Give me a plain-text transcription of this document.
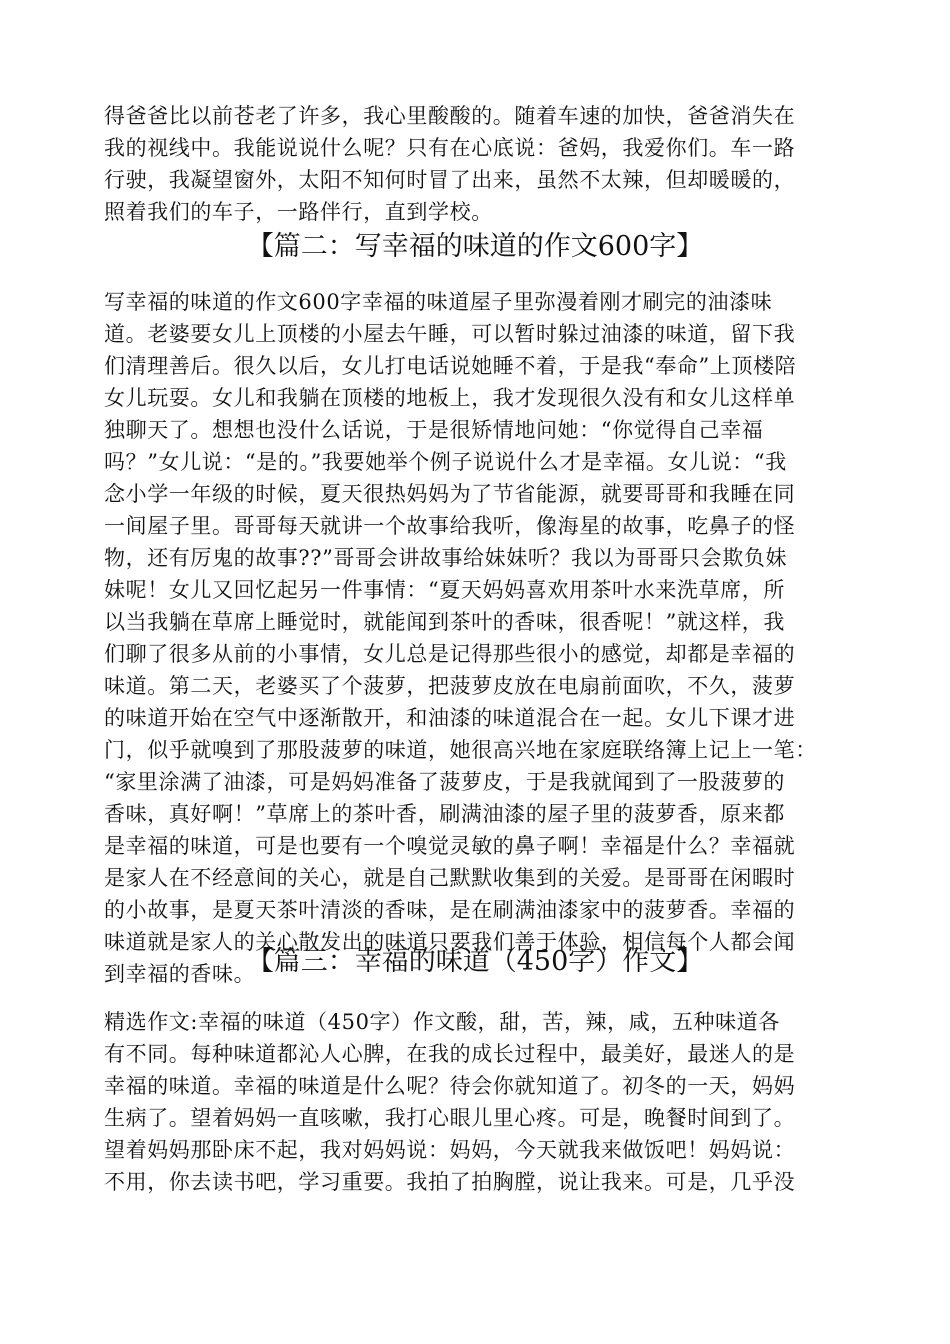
得爸爸比以前苍老了许多，我心里酸酸的。随着车速的加快，爸爸消失在
我的视线中。我能说说什么呢？只有在心底说：爸妈，我爱你们。车一路
行驶，我凝望窗外，太阳不知何时冒了出来，虽然不太辣，但却暖暖的，
照着我们的车子，一路伴行，直到学校。
【篇二：写幸福的味道的作文600字】
写幸福的味道的作文600字幸福的味道屋子里弥漫着刚才刷完的油漆味
道。老婆要女儿上顶楼的小屋去午睡，可以暂时躲过油漆的味道，留下我
们清理善后。很久以后，女儿打电话说她睡不着，于是我“奉命”上顶楼陪
女儿玩耍。女儿和我躺在顶楼的地板上，我才发现很久没有和女儿这样单
独聊天了。想想也没什么话说，于是很矫情地问她：“你觉得自己幸福
吗？”女儿说：“是的。”我要她举个例子说说什么才是幸福。女儿说：“我
念小学一年级的时候，夏天很热妈妈为了节省能源，就要哥哥和我睡在同
一间屋子里。哥哥每天就讲一个故事给我听，像海星的故事，吃鼻子的怪
物，还有厉鬼的故事??”哥哥会讲故事给妹妹听？我以为哥哥只会欺负妹
妹呢！女儿又回忆起另一件事情：“夏天妈妈喜欢用茶叶水来洗草席，所
以当我躺在草席上睡觉时，就能闻到茶叶的香味，很香呢！”就这样，我
们聊了很多从前的小事情，女儿总是记得那些很小的感觉，却都是幸福的
味道。第二天，老婆买了个菠萝，把菠萝皮放在电扇前面吹，不久，菠萝
的味道开始在空气中逐渐散开，和油漆的味道混合在一起。女儿下课才进
门，似乎就嗅到了那股菠萝的味道，她很高兴地在家庭联络簿上记上一笔：
“家里涂满了油漆，可是妈妈准备了菠萝皮，于是我就闻到了一股菠萝的
香味，真好啊！”草席上的茶叶香，刷满油漆的屋子里的菠萝香，原来都
是幸福的味道，可是也要有一个嗅觉灵敏的鼻子啊！幸福是什么？幸福就
是家人在不经意间的关心，就是自己默默收集到的关爱。是哥哥在闲暇时
的小故事，是夏天茶叶清淡的香味，是在刷满油漆家中的菠萝香。幸福的
味道就是家人的关心散发出的味道只要我们善于体验，相信每个人都会闻
到幸福的香味。
【篇三：幸福的味道（450字）作文】
精选作文:幸福的味道（450字）作文酸，甜，苦，辣，咸，五种味道各
有不同。每种味道都沁人心脾，在我的成长过程中，最美好，最迷人的是
幸福的味道。幸福的味道是什么呢？待会你就知道了。初冬的一天，妈妈
生病了。望着妈妈一直咳嗽，我打心眼儿里心疼。可是，晚餐时间到了。
望着妈妈那卧床不起，我对妈妈说：妈妈，今天就我来做饭吧！妈妈说：
不用，你去读书吧，学习重要。我拍了拍胸膛，说让我来。可是，几乎没
